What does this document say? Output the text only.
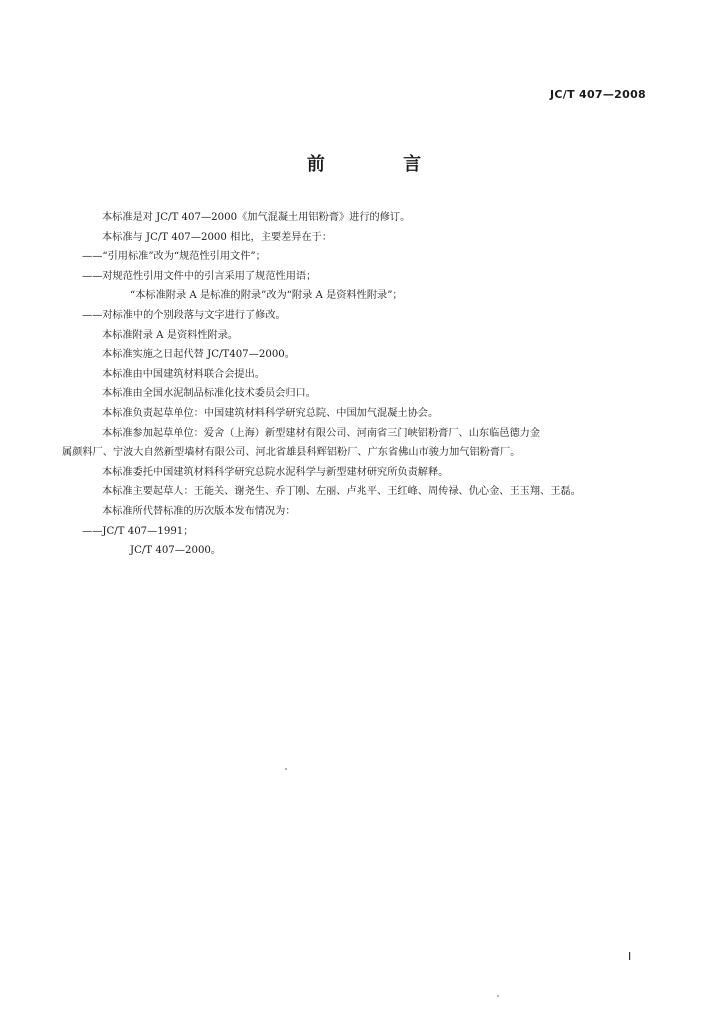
JC/T 407—2008
前 言

本标准是对 JC/T 407—2000《加气混凝土用铝粉膏》进行的修订。

本标准与 JC/T 407—2000 相比，主要差异在于：

——“引用标准”改为“规范性引用文件”；

——对规范性引用文件中的引言采用了规范性用语；

“本标准附录 A 是标准的附录”改为“附录 A 是资料性附录”；

——对标准中的个别段落与文字进行了修改。

本标准附录 A 是资料性附录。

本标准实施之日起代替 JC/T407—2000。

本标准由中国建筑材料联合会提出。

本标准由全国水泥制品标准化技术委员会归口。

本标准负责起草单位：中国建筑材料科学研究总院、中国加气混凝土协会。

本标准参加起草单位：爱舍（上海）新型建材有限公司、河南省三门峡铝粉膏厂、山东临邑德力金

属颜料厂、宁波大自然新型墙材有限公司、河北省雄县科辉铝粉厂、广东省佛山市骏力加气铝粉膏厂。

本标准委托中国建筑材料科学研究总院水泥科学与新型建材研究所负责解释。

本标准主要起草人：王能关、谢尧生、乔丁刚、左丽、卢兆平、王红峰、周传禄、仇心金、王玉翔、王磊。

本标准所代替标准的历次版本发布情况为：

——JC/T 407—1991；

JC/T 407—2000。

I
